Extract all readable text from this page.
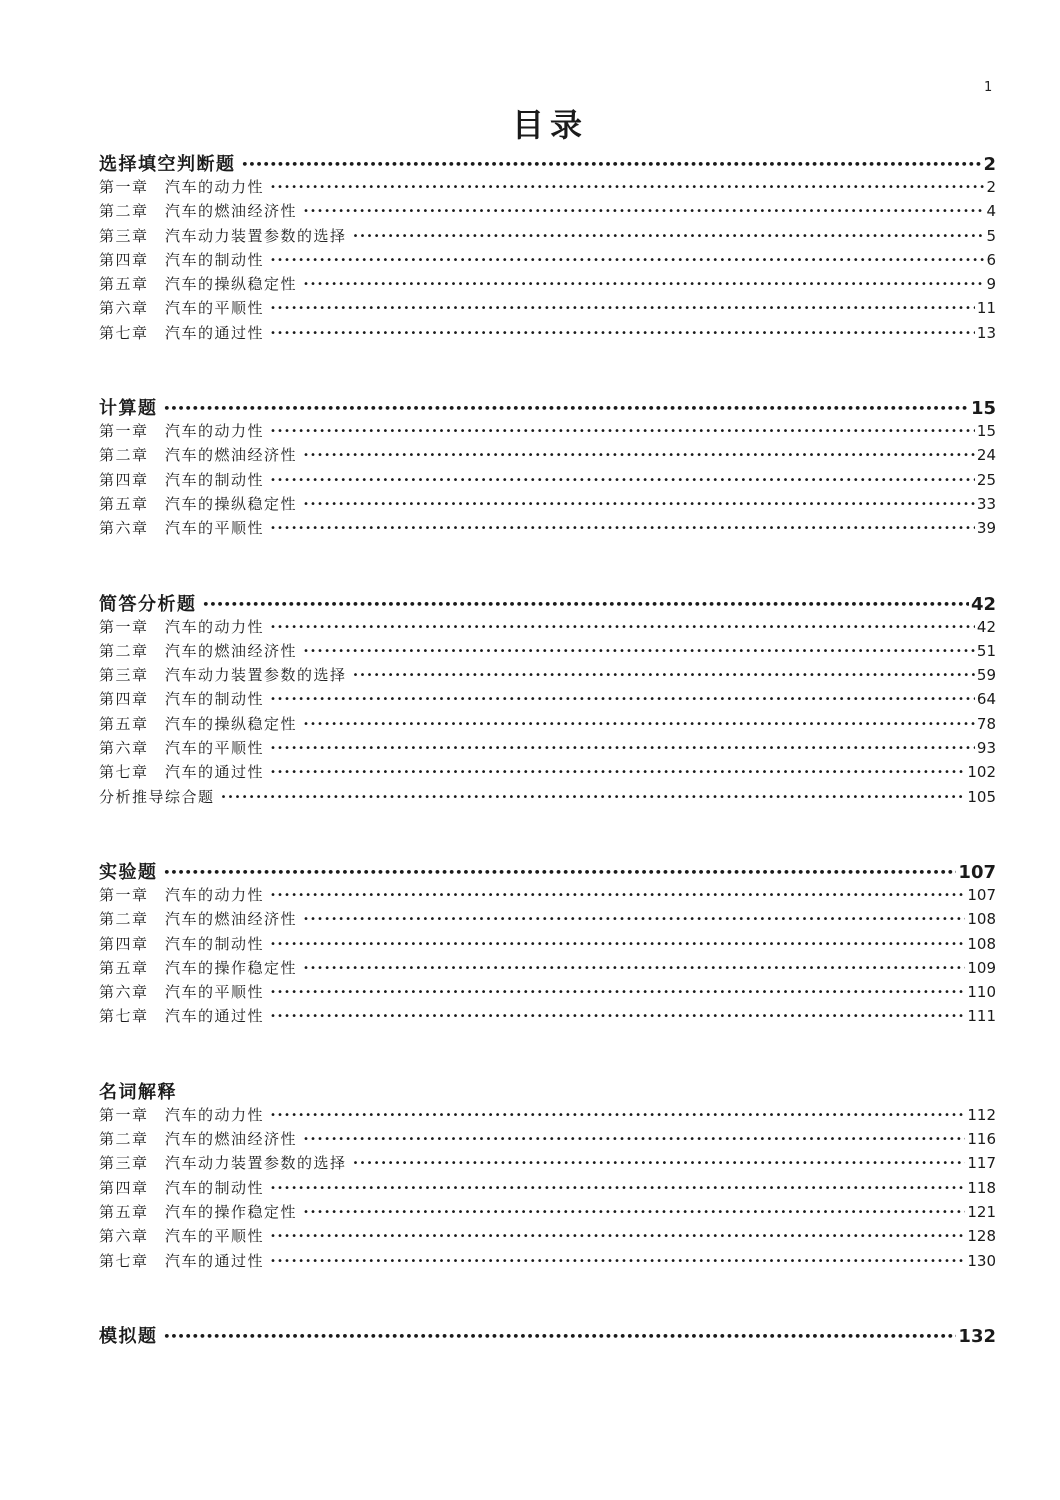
1
目录
选择填空判断题 •••••	2
第一章　汽车的动力性 •••••	2
第二章　汽车的燃油经济性 •••••	4
第三章　汽车动力装置参数的选择 •••••	5
第四章　汽车的制动性 •••••	6
第五章　汽车的操纵稳定性 •••••	9
第六章　汽车的平顺性 •••••	11
第七章　汽车的通过性 •••••	13
计算题 •••••	15
第一章　汽车的动力性 •••••	15
第二章　汽车的燃油经济性 •••••	24
第四章　汽车的制动性 •••••	25
第五章　汽车的操纵稳定性 •••••	33
第六章　汽车的平顺性 •••••	39
简答分析题 •••••	42
第一章　汽车的动力性 •••••	42
第二章　汽车的燃油经济性 •••••	51
第三章　汽车动力装置参数的选择 •••••	59
第四章　汽车的制动性 •••••	64
第五章　汽车的操纵稳定性 •••••	78
第六章　汽车的平顺性 •••••	93
第七章　汽车的通过性 •••••	102
分析推导综合题 •••••	105
实验题 •••••	107
第一章　汽车的动力性 •••••	107
第二章　汽车的燃油经济性 •••••	108
第四章　汽车的制动性 •••••	108
第五章　汽车的操作稳定性 •••••	109
第六章　汽车的平顺性 •••••	110
第七章　汽车的通过性 •••••	111
名词解释
第一章　汽车的动力性 •••••	112
第二章　汽车的燃油经济性 •••••	116
第三章　汽车动力装置参数的选择 •••••	117
第四章　汽车的制动性 •••••	118
第五章　汽车的操作稳定性 •••••	121
第六章　汽车的平顺性 •••••	128
第七章　汽车的通过性 •••••	130
模拟题 •••••	132
